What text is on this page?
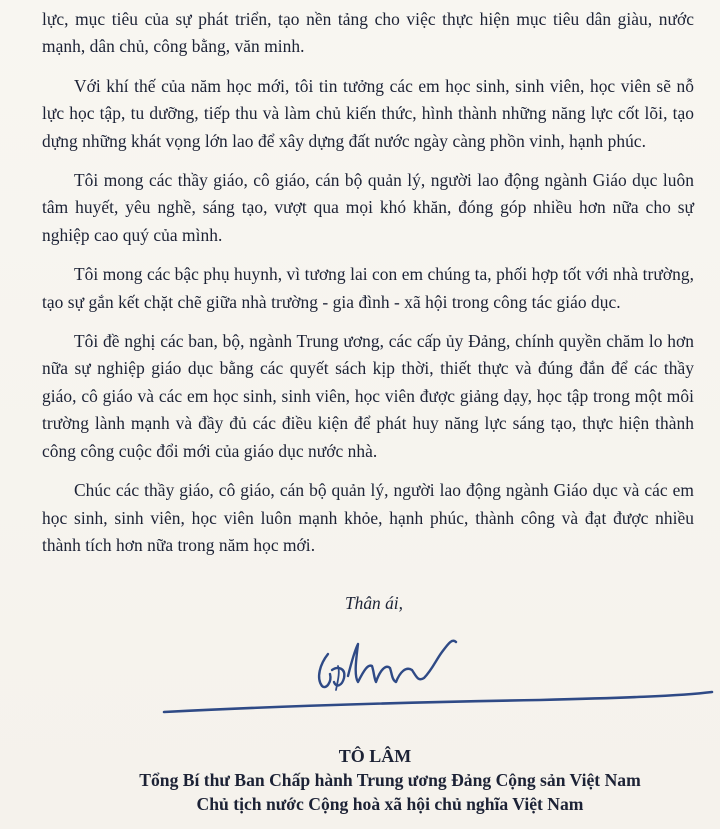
lực, mục tiêu của sự phát triển, tạo nền tảng cho việc thực hiện mục tiêu dân giàu, nước mạnh, dân chủ, công bằng, văn minh.

Với khí thế của năm học mới, tôi tin tưởng các em học sinh, sinh viên, học viên sẽ nỗ lực học tập, tu dưỡng, tiếp thu và làm chủ kiến thức, hình thành những năng lực cốt lõi, tạo dựng những khát vọng lớn lao để xây dựng đất nước ngày càng phồn vinh, hạnh phúc.

Tôi mong các thầy giáo, cô giáo, cán bộ quản lý, người lao động ngành Giáo dục luôn tâm huyết, yêu nghề, sáng tạo, vượt qua mọi khó khăn, đóng góp nhiều hơn nữa cho sự nghiệp cao quý của mình.

Tôi mong các bậc phụ huynh, vì tương lai con em chúng ta, phối hợp tốt với nhà trường, tạo sự gắn kết chặt chẽ giữa nhà trường - gia đình - xã hội trong công tác giáo dục.

Tôi đề nghị các ban, bộ, ngành Trung ương, các cấp ủy Đảng, chính quyền chăm lo hơn nữa sự nghiệp giáo dục bằng các quyết sách kịp thời, thiết thực và đúng đắn để các thầy giáo, cô giáo và các em học sinh, sinh viên, học viên được giảng dạy, học tập trong một môi trường lành mạnh và đầy đủ các điều kiện để phát huy năng lực sáng tạo, thực hiện thành công công cuộc đổi mới của giáo dục nước nhà.

Chúc các thầy giáo, cô giáo, cán bộ quản lý, người lao động ngành Giáo dục và các em học sinh, sinh viên, học viên luôn mạnh khỏe, hạnh phúc, thành công và đạt được nhiều thành tích hơn nữa trong năm học mới.

Thân ái,
TÔ LÂM
Tổng Bí thư Ban Chấp hành Trung ương Đảng Cộng sản Việt Nam
Chủ tịch nước Cộng hoà xã hội chủ nghĩa Việt Nam
